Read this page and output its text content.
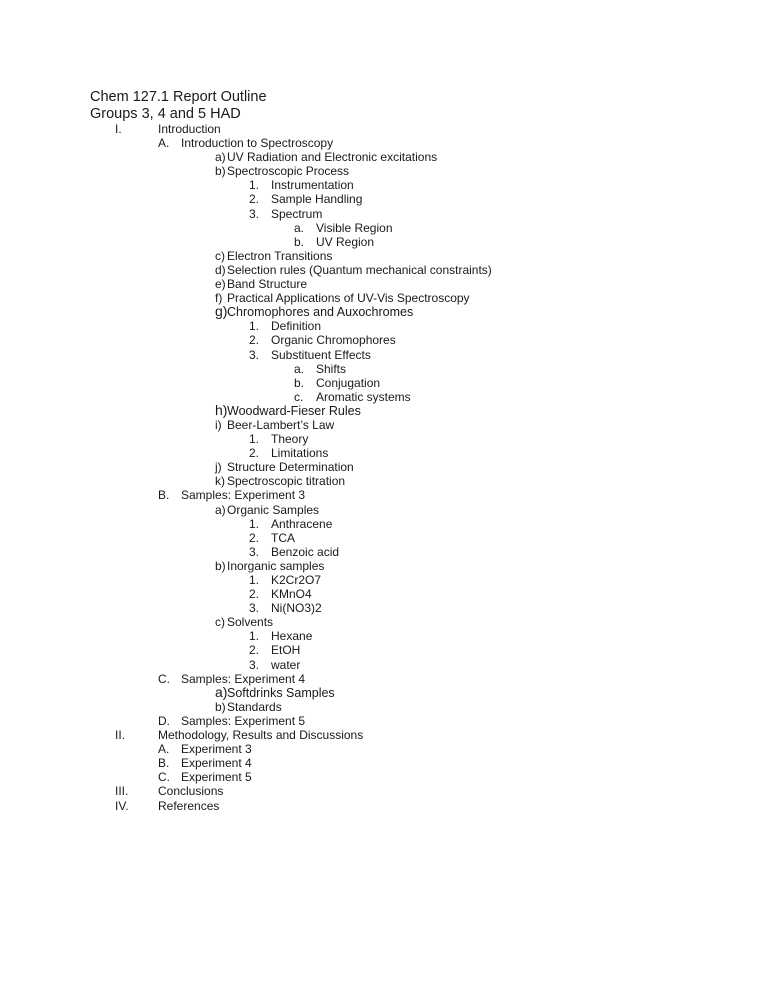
Chem 127.1 Report Outline
Groups 3, 4 and 5 HAD
I.	Introduction
A. Introduction to Spectroscopy
a) UV Radiation and Electronic excitations
b) Spectroscopic Process
1. Instrumentation
2. Sample Handling
3. Spectrum
a. Visible Region
b. UV Region
c) Electron Transitions
d) Selection rules (Quantum mechanical constraints)
e) Band Structure
f) Practical Applications of UV-Vis Spectroscopy
g) Chromophores and Auxochromes
1. Definition
2. Organic Chromophores
3. Substituent Effects
a. Shifts
b. Conjugation
c. Aromatic systems
h) Woodward-Fieser Rules
i) Beer-Lambert’s Law
1. Theory
2. Limitations
j) Structure Determination
k) Spectroscopic titration
B. Samples: Experiment 3
a) Organic Samples
1. Anthracene
2. TCA
3. Benzoic acid
b) Inorganic samples
1. K2Cr2O7
2. KMnO4
3. Ni(NO3)2
c) Solvents
1. Hexane
2. EtOH
3. water
C. Samples: Experiment 4
a) Softdrinks Samples
b) Standards
D. Samples: Experiment 5
II.	Methodology, Results and Discussions
A. Experiment 3
B. Experiment 4
C. Experiment 5
III. Conclusions
IV. References
